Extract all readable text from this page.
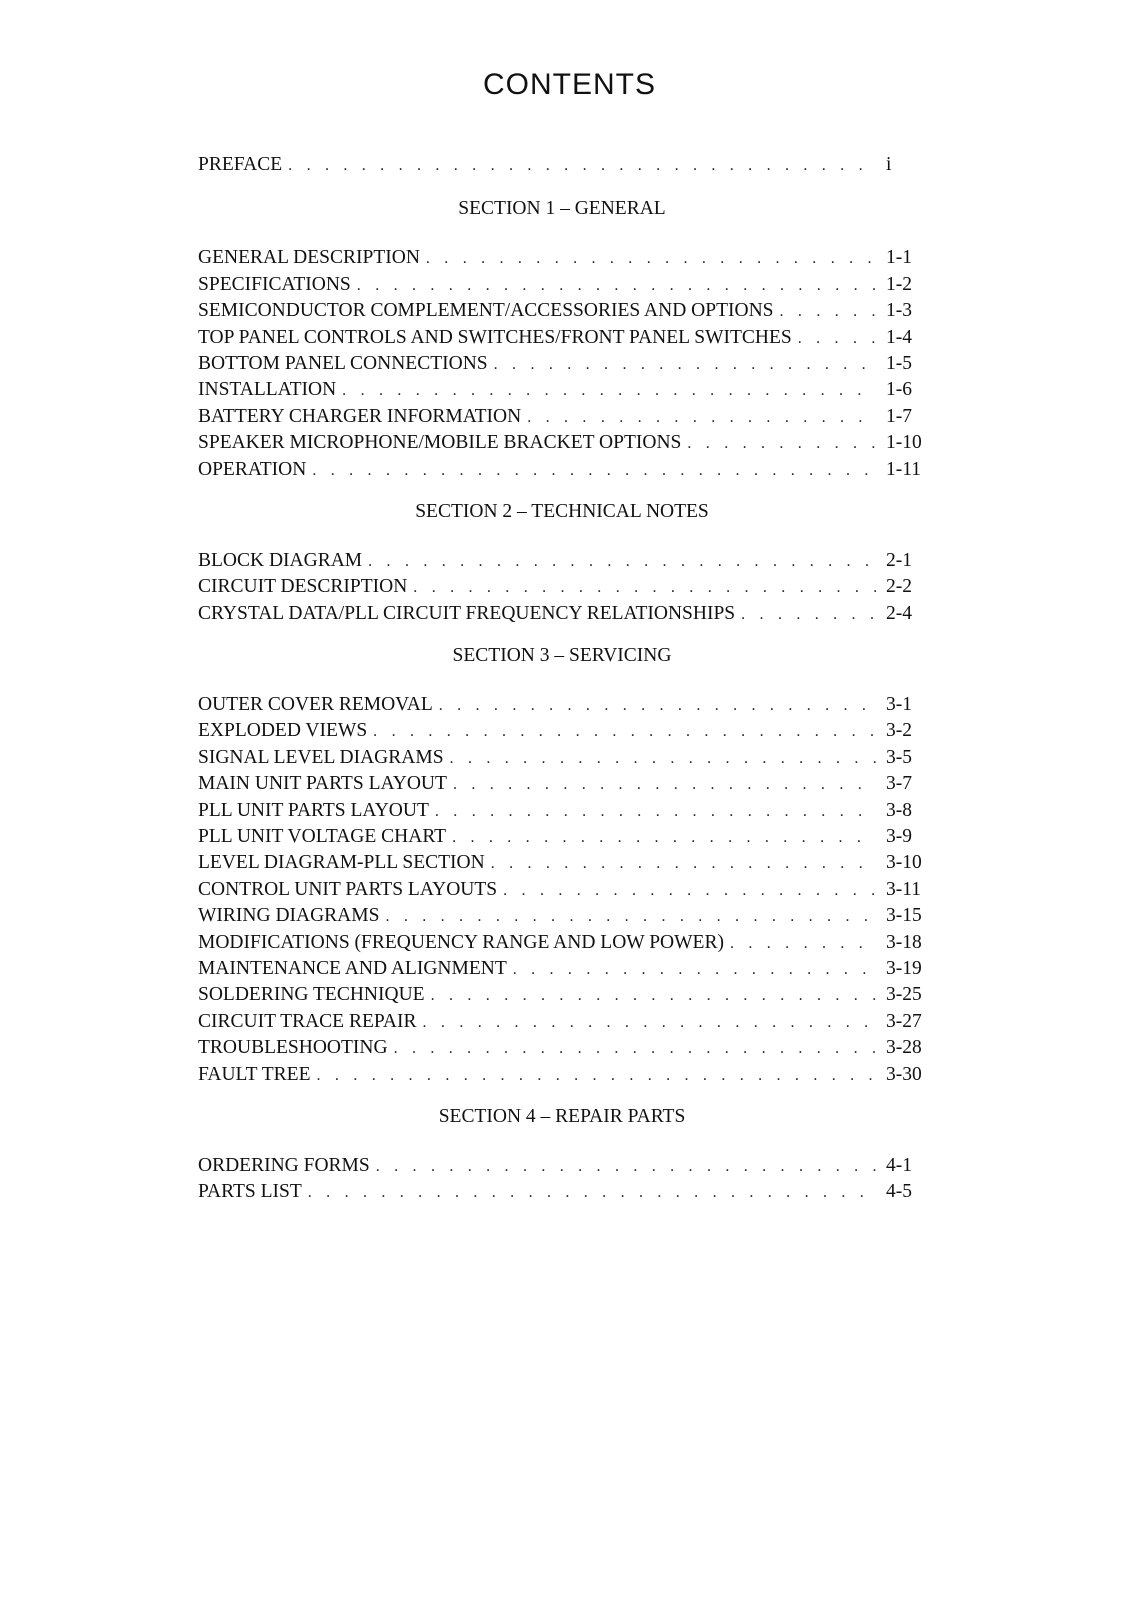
CONTENTS
PREFACE . . .	i
SECTION 1 – GENERAL
GENERAL DESCRIPTION . . .	1-1
SPECIFICATIONS . . .	1-2
SEMICONDUCTOR COMPLEMENT/ACCESSORIES AND OPTIONS . . .	1-3
TOP PANEL CONTROLS AND SWITCHES/FRONT PANEL SWITCHES . . .	1-4
BOTTOM PANEL CONNECTIONS . . .	1-5
INSTALLATION . . .	1-6
BATTERY CHARGER INFORMATION . . .	1-7
SPEAKER MICROPHONE/MOBILE BRACKET OPTIONS . . .	1-10
OPERATION . . .	1-11
SECTION 2 – TECHNICAL NOTES
BLOCK DIAGRAM . . .	2-1
CIRCUIT DESCRIPTION . . .	2-2
CRYSTAL DATA/PLL CIRCUIT FREQUENCY RELATIONSHIPS . . .	2-4
SECTION 3 – SERVICING
OUTER COVER REMOVAL . . .	3-1
EXPLODED VIEWS . . .	3-2
SIGNAL LEVEL DIAGRAMS . . .	3-5
MAIN UNIT PARTS LAYOUT . . .	3-7
PLL UNIT PARTS LAYOUT . . .	3-8
PLL UNIT VOLTAGE CHART . . .	3-9
LEVEL DIAGRAM-PLL SECTION . . .	3-10
CONTROL UNIT PARTS LAYOUTS . . .	3-11
WIRING DIAGRAMS . . .	3-15
MODIFICATIONS (FREQUENCY RANGE AND LOW POWER) . . .	3-18
MAINTENANCE AND ALIGNMENT . . .	3-19
SOLDERING TECHNIQUE . . .	3-25
CIRCUIT TRACE REPAIR . . .	3-27
TROUBLESHOOTING . . .	3-28
FAULT TREE . . .	3-30
SECTION 4 – REPAIR PARTS
ORDERING FORMS . . .	4-1
PARTS LIST . . .	4-5
